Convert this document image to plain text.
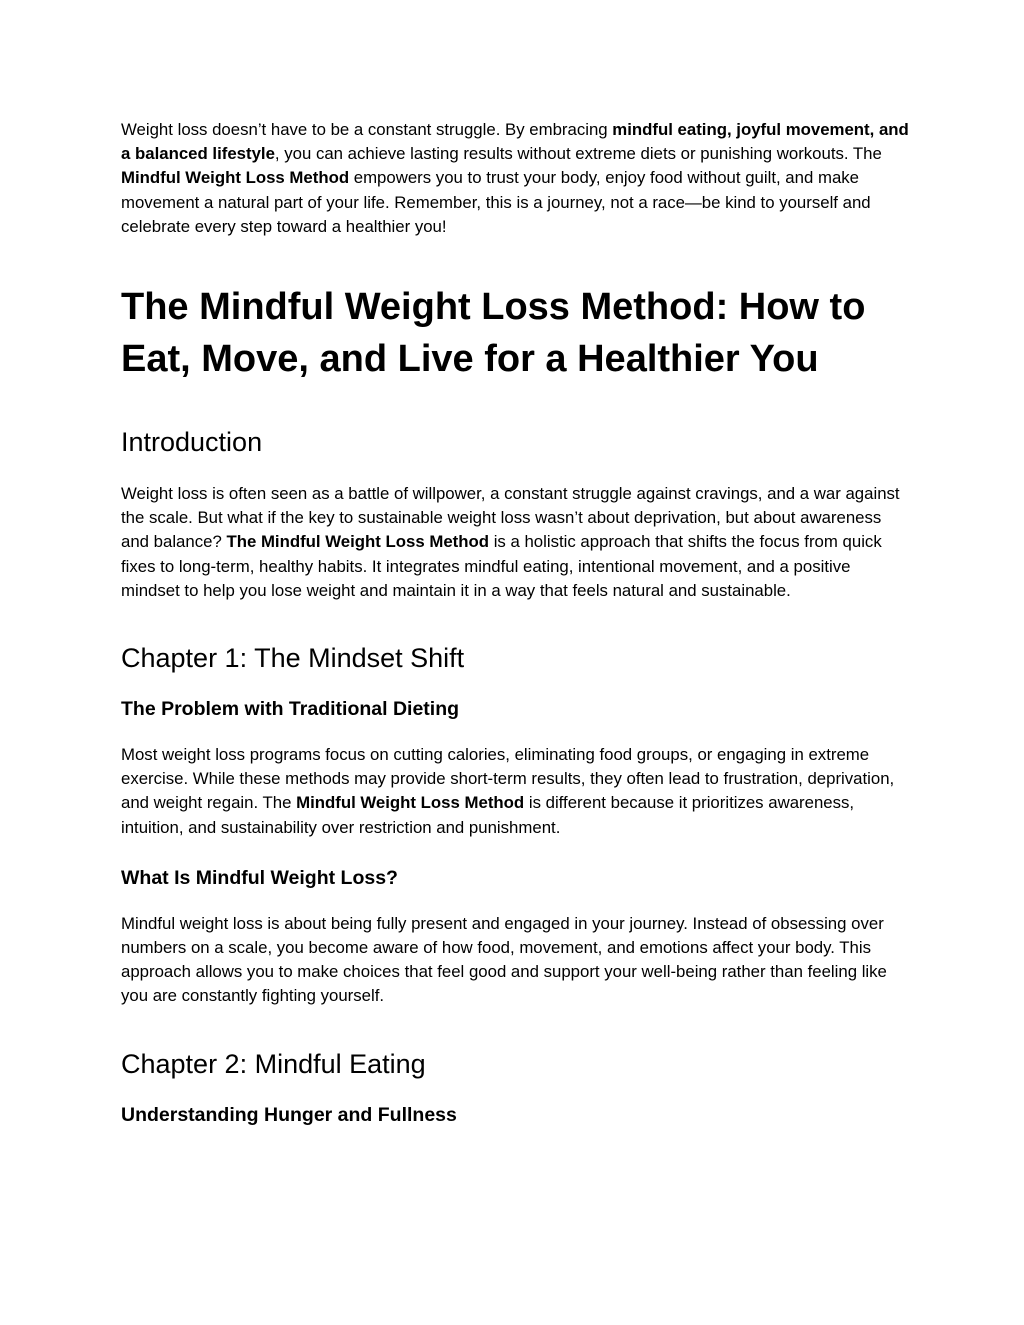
Weight loss doesn’t have to be a constant struggle. By embracing mindful eating, joyful movement, and a balanced lifestyle, you can achieve lasting results without extreme diets or punishing workouts. The Mindful Weight Loss Method empowers you to trust your body, enjoy food without guilt, and make movement a natural part of your life. Remember, this is a journey, not a race—be kind to yourself and celebrate every step toward a healthier you!

The Mindful Weight Loss Method: How to Eat, Move, and Live for a Healthier You
Introduction

Weight loss is often seen as a battle of willpower, a constant struggle against cravings, and a war against the scale. But what if the key to sustainable weight loss wasn’t about deprivation, but about awareness and balance? The Mindful Weight Loss Method is a holistic approach that shifts the focus from quick fixes to long-term, healthy habits. It integrates mindful eating, intentional movement, and a positive mindset to help you lose weight and maintain it in a way that feels natural and sustainable.

Chapter 1: The Mindset Shift
The Problem with Traditional Dieting

Most weight loss programs focus on cutting calories, eliminating food groups, or engaging in extreme exercise. While these methods may provide short-term results, they often lead to frustration, deprivation, and weight regain. The Mindful Weight Loss Method is different because it prioritizes awareness, intuition, and sustainability over restriction and punishment.

What Is Mindful Weight Loss?

Mindful weight loss is about being fully present and engaged in your journey. Instead of obsessing over numbers on a scale, you become aware of how food, movement, and emotions affect your body. This approach allows you to make choices that feel good and support your well-being rather than feeling like you are constantly fighting yourself.

Chapter 2: Mindful Eating
Understanding Hunger and Fullness
